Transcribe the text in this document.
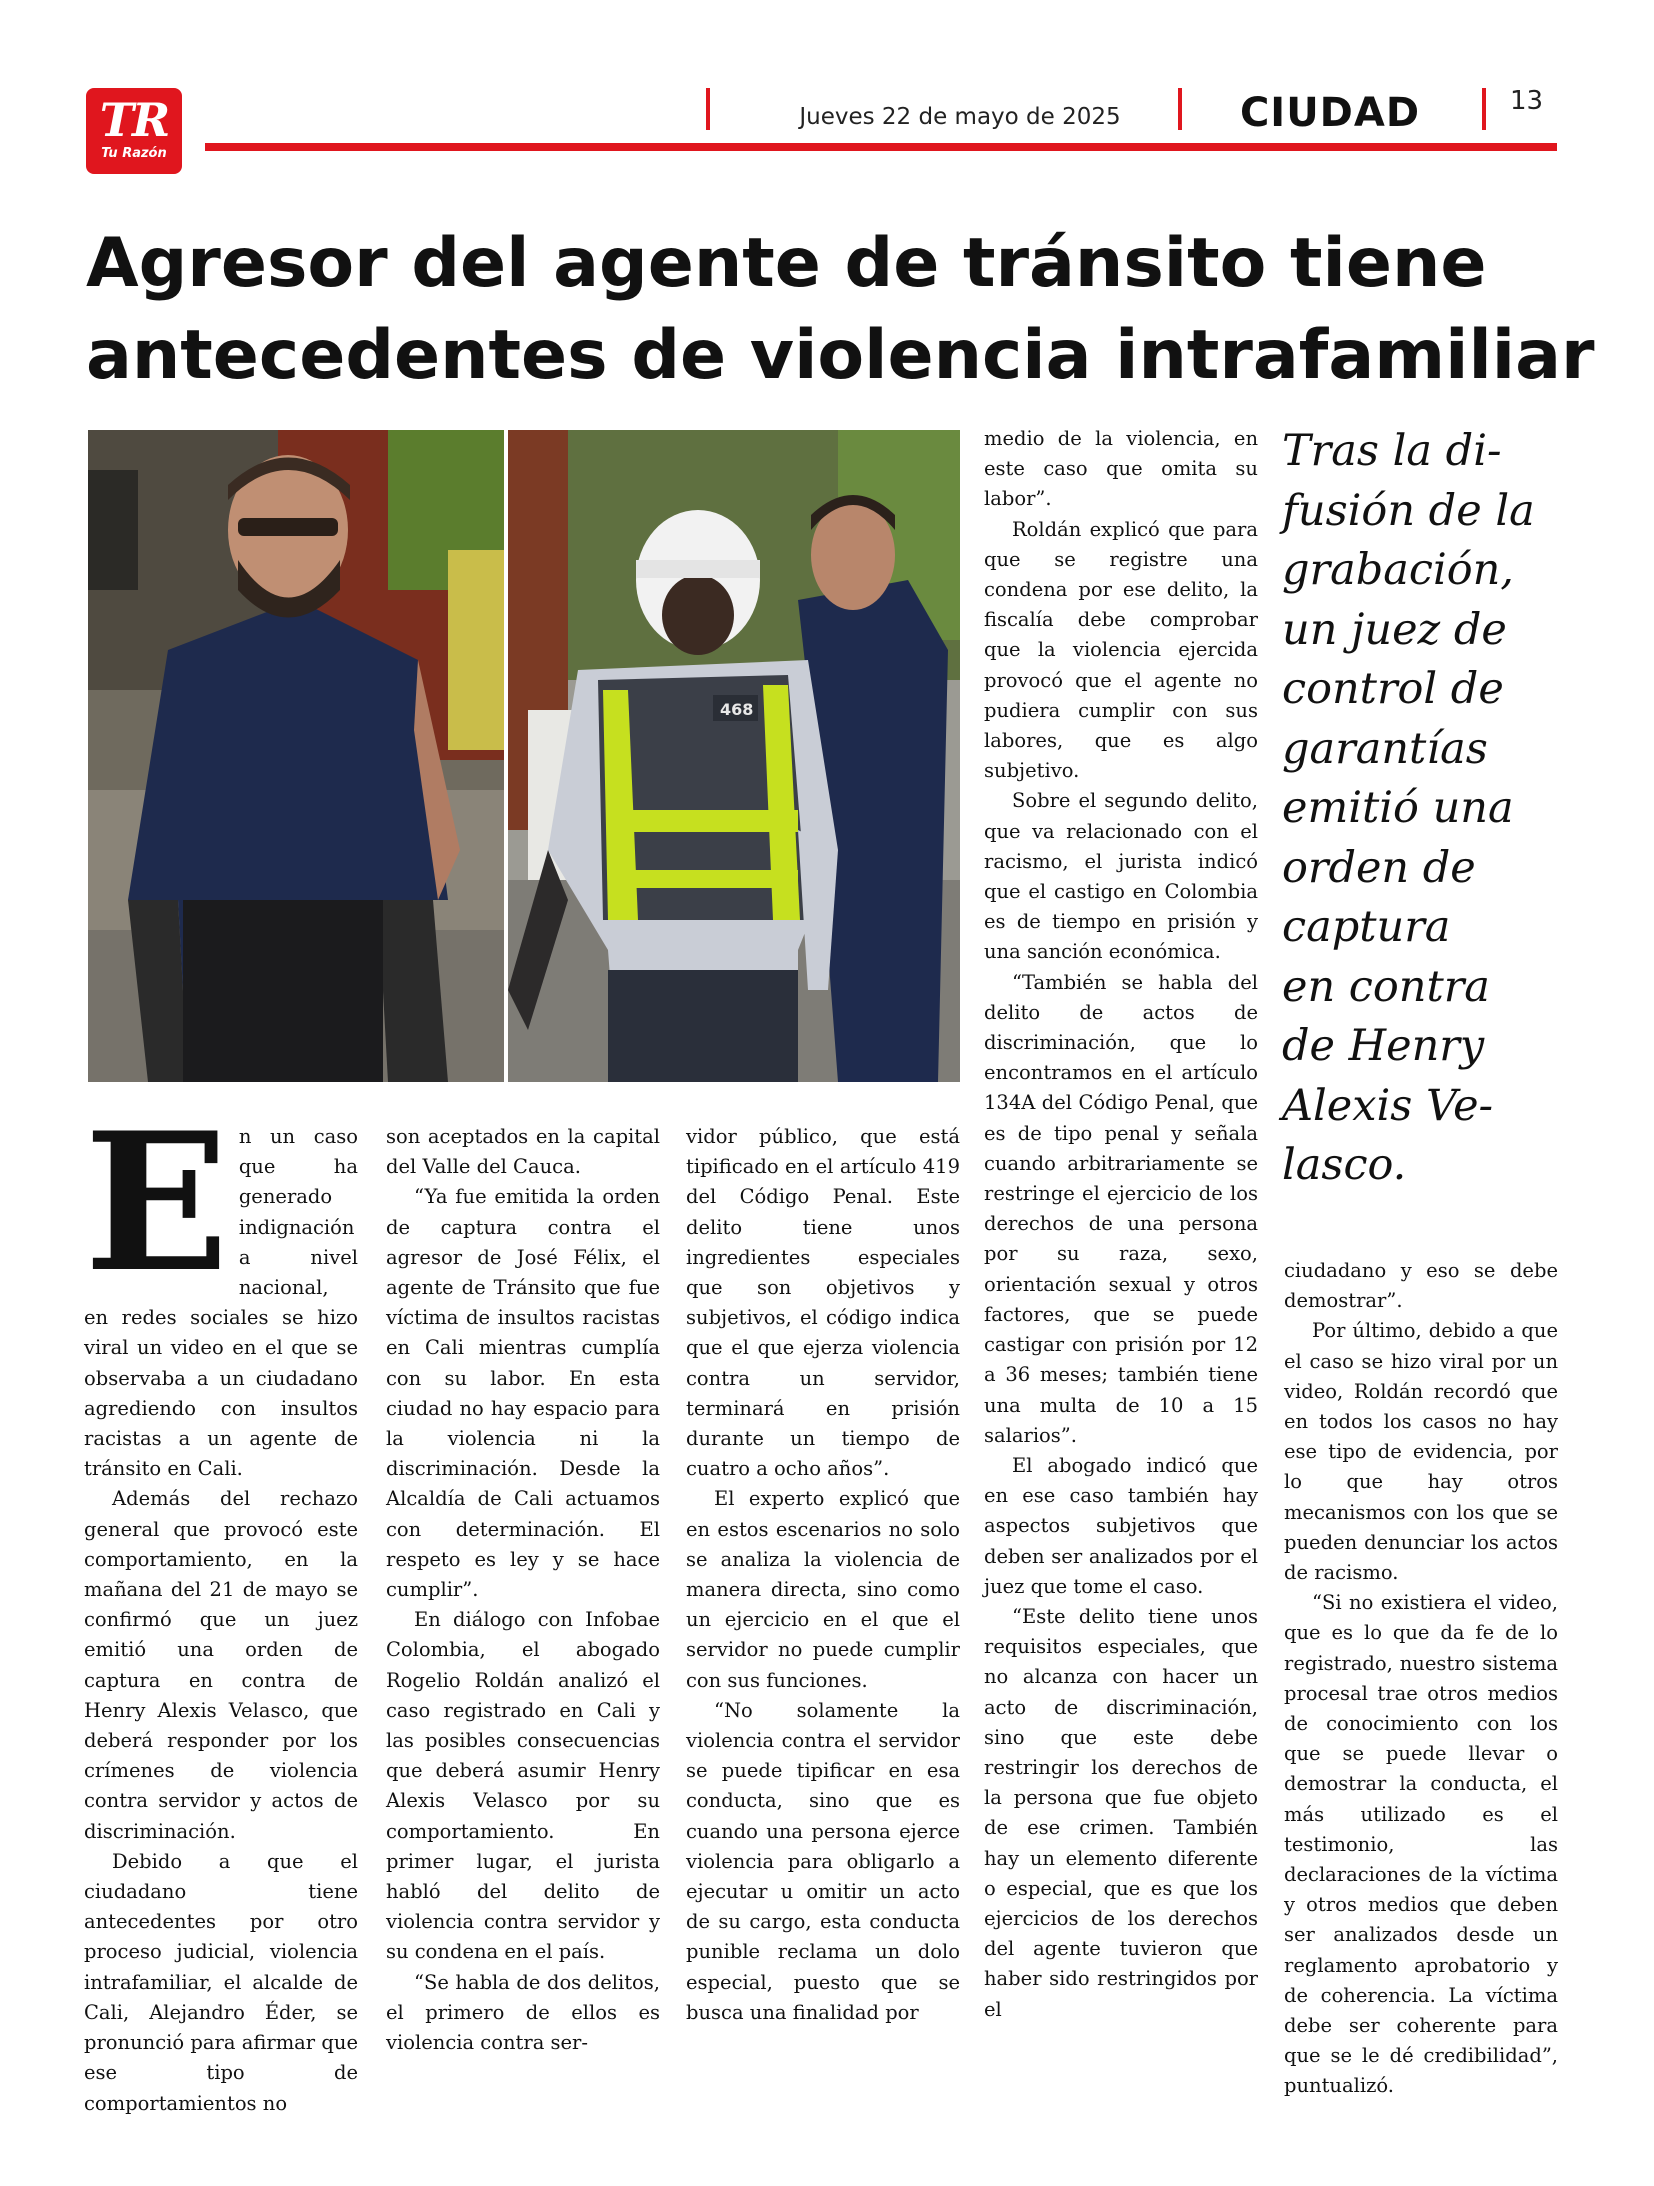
TR
Tu Razón
Jueves 22 de mayo de 2025	CIUDAD	13
Agresor del agente de tránsito tiene
antecedentes de violencia intrafamiliar
468

En un caso que ha generado indignación a nivel nacional, en redes sociales se hizo viral un video en el que se observaba a un ciudadano agrediendo con insultos racistas a un agente de tránsito en Cali.

Además del rechazo general que provocó este comportamiento, en la mañana del 21 de mayo se confirmó que un juez emitió una orden de captura en contra de Henry Alexis Velasco, que deberá responder por los crímenes de violencia contra servidor y actos de discriminación.

Debido a que el ciudadano tiene antecedentes por otro proceso judicial, violencia intrafamiliar, el alcalde de Cali, Alejandro Éder, se pronunció para afirmar que ese tipo de comportamientos no

son aceptados en la capital del Valle del Cauca.

“Ya fue emitida la orden de captura contra el agresor de José Félix, el agente de Tránsito que fue víctima de insultos racistas en Cali mientras cumplía con su labor. En esta ciudad no hay espacio para la violencia ni la discriminación. Desde la Alcaldía de Cali actuamos con determinación. El respeto es ley y se hace cumplir”.

En diálogo con Infobae Colombia, el abogado Rogelio Roldán analizó el caso registrado en Cali y las posibles consecuencias que deberá asumir Henry Alexis Velasco por su comportamiento. En primer lugar, el jurista habló del delito de violencia contra servidor y su condena en el país.

“Se habla de dos delitos, el primero de ellos es violencia contra ser-

vidor público, que está tipificado en el artículo 419 del Código Penal. Este delito tiene unos ingredientes especiales que son objetivos y subjetivos, el código indica que el que ejerza violencia contra un servidor, terminará en prisión durante un tiempo de cuatro a ocho años”.

El experto explicó que en estos escenarios no solo se analiza la violencia de manera directa, sino como un ejercicio en el que el servidor no puede cumplir con sus funciones.

“No solamente la violencia contra el servidor se puede tipificar en esa conducta, sino que es cuando una persona ejerce violencia para obligarlo a ejecutar u omitir un acto de su cargo, esta conducta punible reclama un dolo especial, puesto que se busca una finalidad por

medio de la violencia, en este caso que omita su labor”.

Roldán explicó que para que se registre una condena por ese delito, la fiscalía debe comprobar que la violencia ejercida provocó que el agente no pudiera cumplir con sus labores, que es algo subjetivo.

Sobre el segundo delito, que va relacionado con el racismo, el jurista indicó que el castigo en Colombia es de tiempo en prisión y una sanción económica.

“También se habla del delito de actos de discriminación, que lo encontramos en el artículo 134A del Código Penal, que es de tipo penal y señala cuando arbitrariamente se restringe el ejercicio de los derechos de una persona por su raza, sexo, orientación sexual y otros factores, que se puede castigar con prisión por 12 a 36 meses; también tiene una multa de 10 a 15 salarios”.

El abogado indicó que en ese caso también hay aspectos subjetivos que deben ser analizados por el juez que tome el caso.

“Este delito tiene unos requisitos especiales, que no alcanza con hacer un acto de discriminación, sino que este debe restringir los derechos de la persona que fue objeto de ese crimen. También hay un elemento diferente o especial, que es que los ejercicios de los derechos del agente tuvieron que haber sido restringidos por el

Tras la di-
fusión de la
grabación,
un juez de
control de
garantías
emitió una
orden de
captura
en contra
de Henry
Alexis Ve-
lasco.

ciudadano y eso se debe demostrar”.

Por último, debido a que el caso se hizo viral por un video, Roldán recordó que en todos los casos no hay ese tipo de evidencia, por lo que hay otros mecanismos con los que se pueden denunciar los actos de racismo.

“Si no existiera el video, que es lo que da fe de lo registrado, nuestro sistema procesal trae otros medios de conocimiento con los que se puede llevar o demostrar la conducta, el más utilizado es el testimonio, las declaraciones de la víctima y otros medios que deben ser analizados desde un reglamento aprobatorio y de coherencia. La víctima debe ser coherente para que se le dé credibilidad”, puntualizó.
